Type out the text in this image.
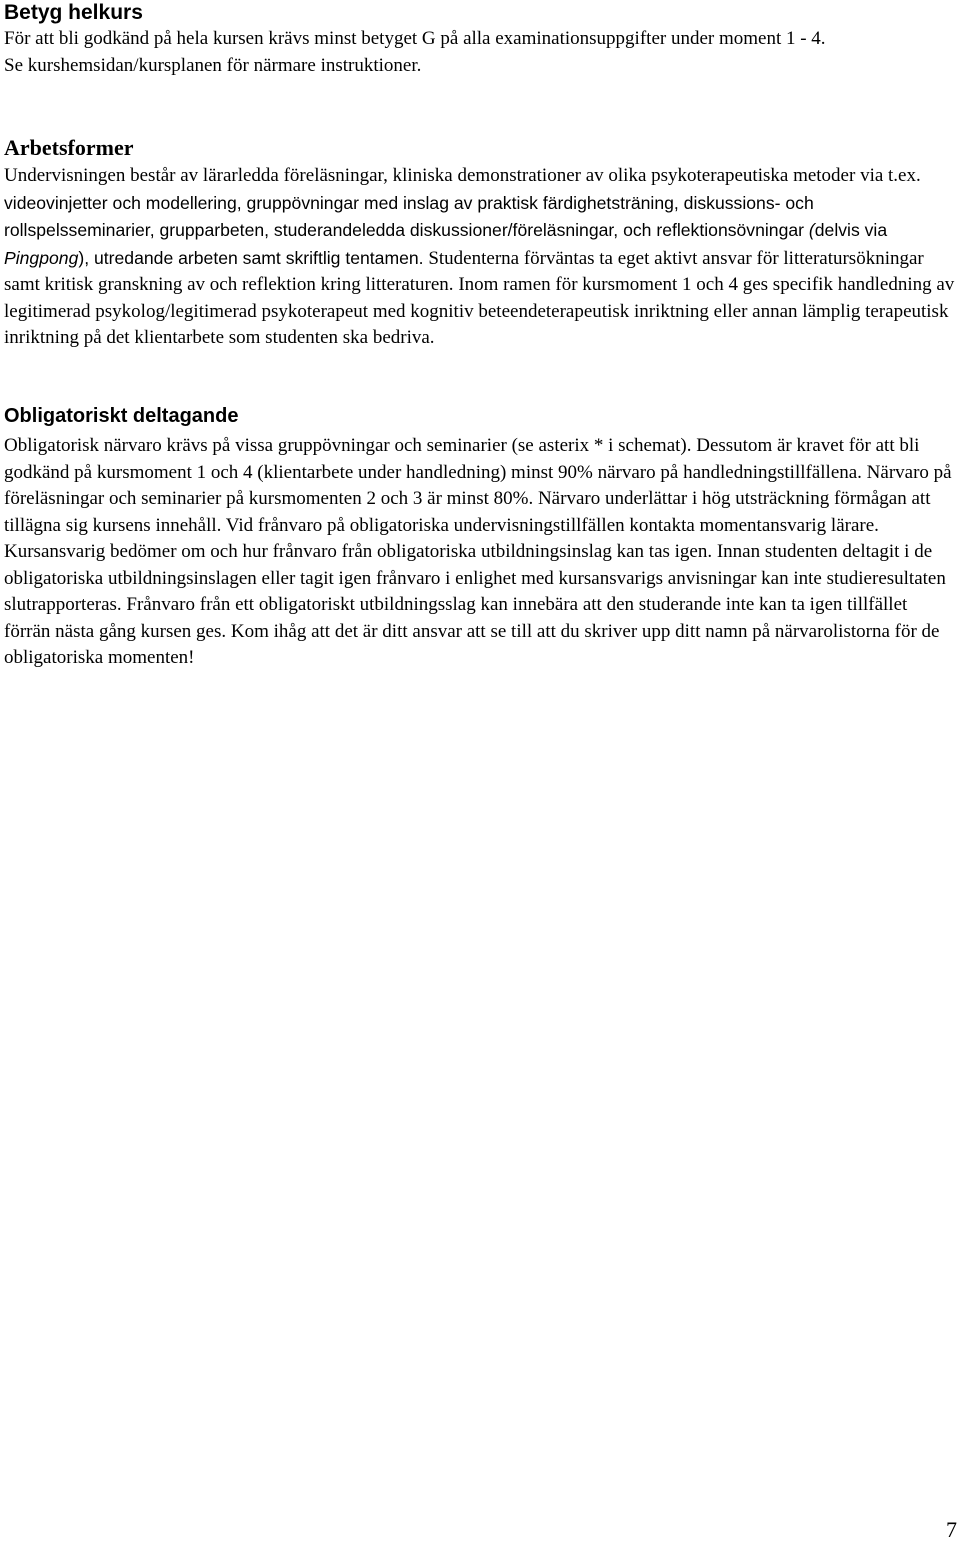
Betyg helkurs

För att bli godkänd på hela kursen krävs minst betyget G på alla examinationsuppgifter under moment 1 - 4.

Se kurshemsidan/kursplanen för närmare instruktioner.

Arbetsformer

Undervisningen består av lärarledda föreläsningar, kliniska demonstrationer av olika psykoterapeutiska metoder via t.ex. videovinjetter och modellering, gruppövningar med inslag av praktisk färdighetsträning, diskussions- och rollspelsseminarier, grupparbeten, studerandeledda diskussioner/föreläsningar, och reflektionsövningar (delvis via Pingpong), utredande arbeten samt skriftlig tentamen. Studenterna förväntas ta eget aktivt ansvar för litteratursökningar samt kritisk granskning av och reflektion kring litteraturen. Inom ramen för kursmoment 1 och 4 ges specifik handledning av legitimerad psykolog/legitimerad psykoterapeut med kognitiv beteendeterapeutisk inriktning eller annan lämplig terapeutisk inriktning på det klientarbete som studenten ska bedriva.

Obligatoriskt deltagande

Obligatorisk närvaro krävs på vissa gruppövningar och seminarier (se asterix * i schemat). Dessutom är kravet för att bli godkänd på kursmoment 1 och 4 (klientarbete under handledning) minst 90% närvaro på handledningstillfällena. Närvaro på föreläsningar och seminarier på kursmomenten 2 och 3 är minst 80%. Närvaro underlättar i hög utsträckning förmågan att tillägna sig kursens innehåll. Vid frånvaro på obligatoriska undervisningstillfällen kontakta momentansvarig lärare. Kursansvarig bedömer om och hur frånvaro från obligatoriska utbildningsinslag kan tas igen. Innan studenten deltagit i de obligatoriska utbildningsinslagen eller tagit igen frånvaro i enlighet med kursansvarigs anvisningar kan inte studieresultaten slutrapporteras. Frånvaro från ett obligatoriskt utbildningsslag kan innebära att den studerande inte kan ta igen tillfället förrän nästa gång kursen ges. Kom ihåg att det är ditt ansvar att se till att du skriver upp ditt namn på närvarolistorna för de obligatoriska momenten!

7
